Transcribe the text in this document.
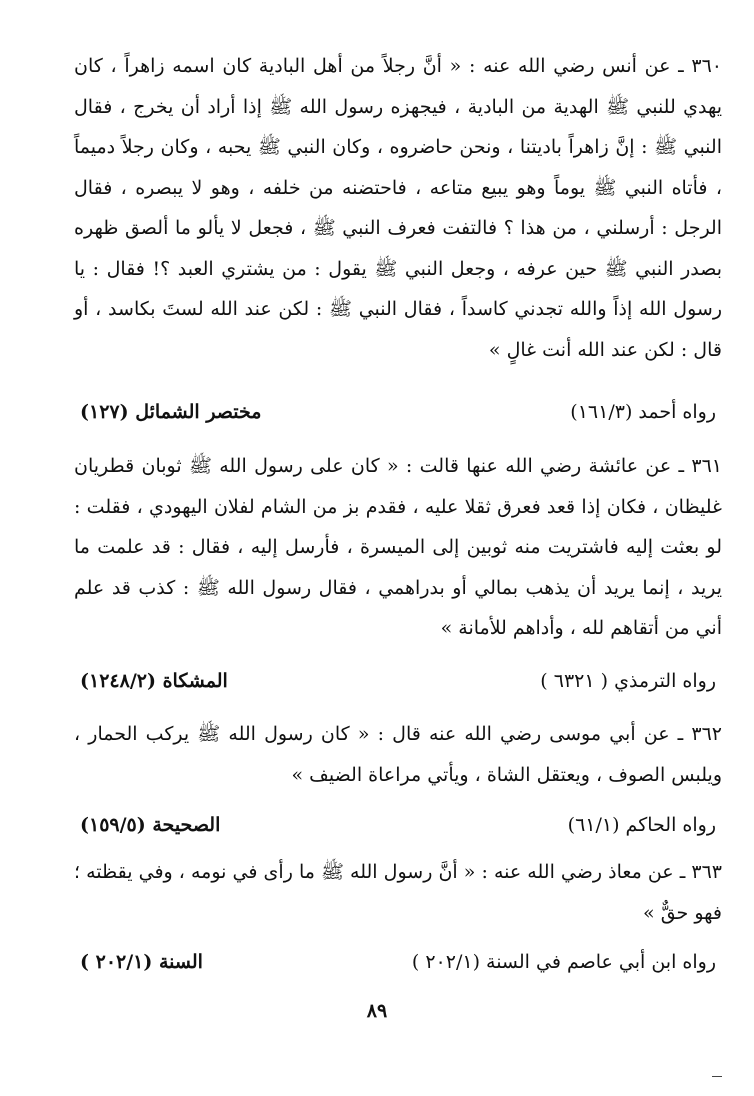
٣٦٠ ـ عن أنس رضي الله عنه : « أنَّ رجلاً من أهل البادية كان اسمه زاهراً ، كان يهدي للنبي ﷺ الهدية من البادية ، فيجهزه رسول الله ﷺ إذا أراد أن يخرج ، فقال النبي ﷺ : إنَّ زاهراً باديتنا ، ونحن حاضروه ، وكان النبي ﷺ يحبه ، وكان رجلاً دميماً ، فأتاه النبي ﷺ يوماً وهو يبيع متاعه ، فاحتضنه من خلفه ، وهو لا يبصره ، فقال الرجل : أرسلني ، من هذا ؟ فالتفت فعرف النبي ﷺ ، فجعل لا يألو ما ألصق ظهره بصدر النبي ﷺ حين عرفه ، وجعل النبي ﷺ يقول : من يشتري العبد ؟! فقال : يا رسول الله إذاً والله تجدني كاسداً ، فقال النبي ﷺ : لكن عند الله لستَ بكاسد ، أو قال : لكن عند الله أنت غالٍ »

رواه أحمد (١٦١/٣)
مختصر الشمائل (١٢٧)

٣٦١ ـ عن عائشة رضي الله عنها قالت : « كان على رسول الله ﷺ ثوبان قطريان غليظان ، فكان إذا قعد فعرق ثقلا عليه ، فقدم بز من الشام لفلان اليهودي ، فقلت : لو بعثت إليه فاشتريت منه ثوبين إلى الميسرة ، فأرسل إليه ، فقال : قد علمت ما يريد ، إنما يريد أن يذهب بمالي أو بدراهمي ، فقال رسول الله ﷺ : كذب قد علم أني من أتقاهم لله ، وأداهم للأمانة »

رواه الترمذي ( ٦٣٢١ )
المشكاة (١٢٤٨/٢)

٣٦٢ ـ عن أبي موسى رضي الله عنه قال : « كان رسول الله ﷺ يركب الحمار ، ويلبس الصوف ، ويعتقل الشاة ، ويأتي مراعاة الضيف »

رواه الحاكم (٦١/١)
الصحيحة (١٥٩/٥)

٣٦٣ ـ عن معاذ رضي الله عنه : « أنَّ رسول الله ﷺ ما رأى في نومه ، وفي يقظته ؛ فهو حقٌّ »

رواه ابن أبي عاصم في السنة (٢٠٢/١ )
السنة (٢٠٢/١ )
٨٩
